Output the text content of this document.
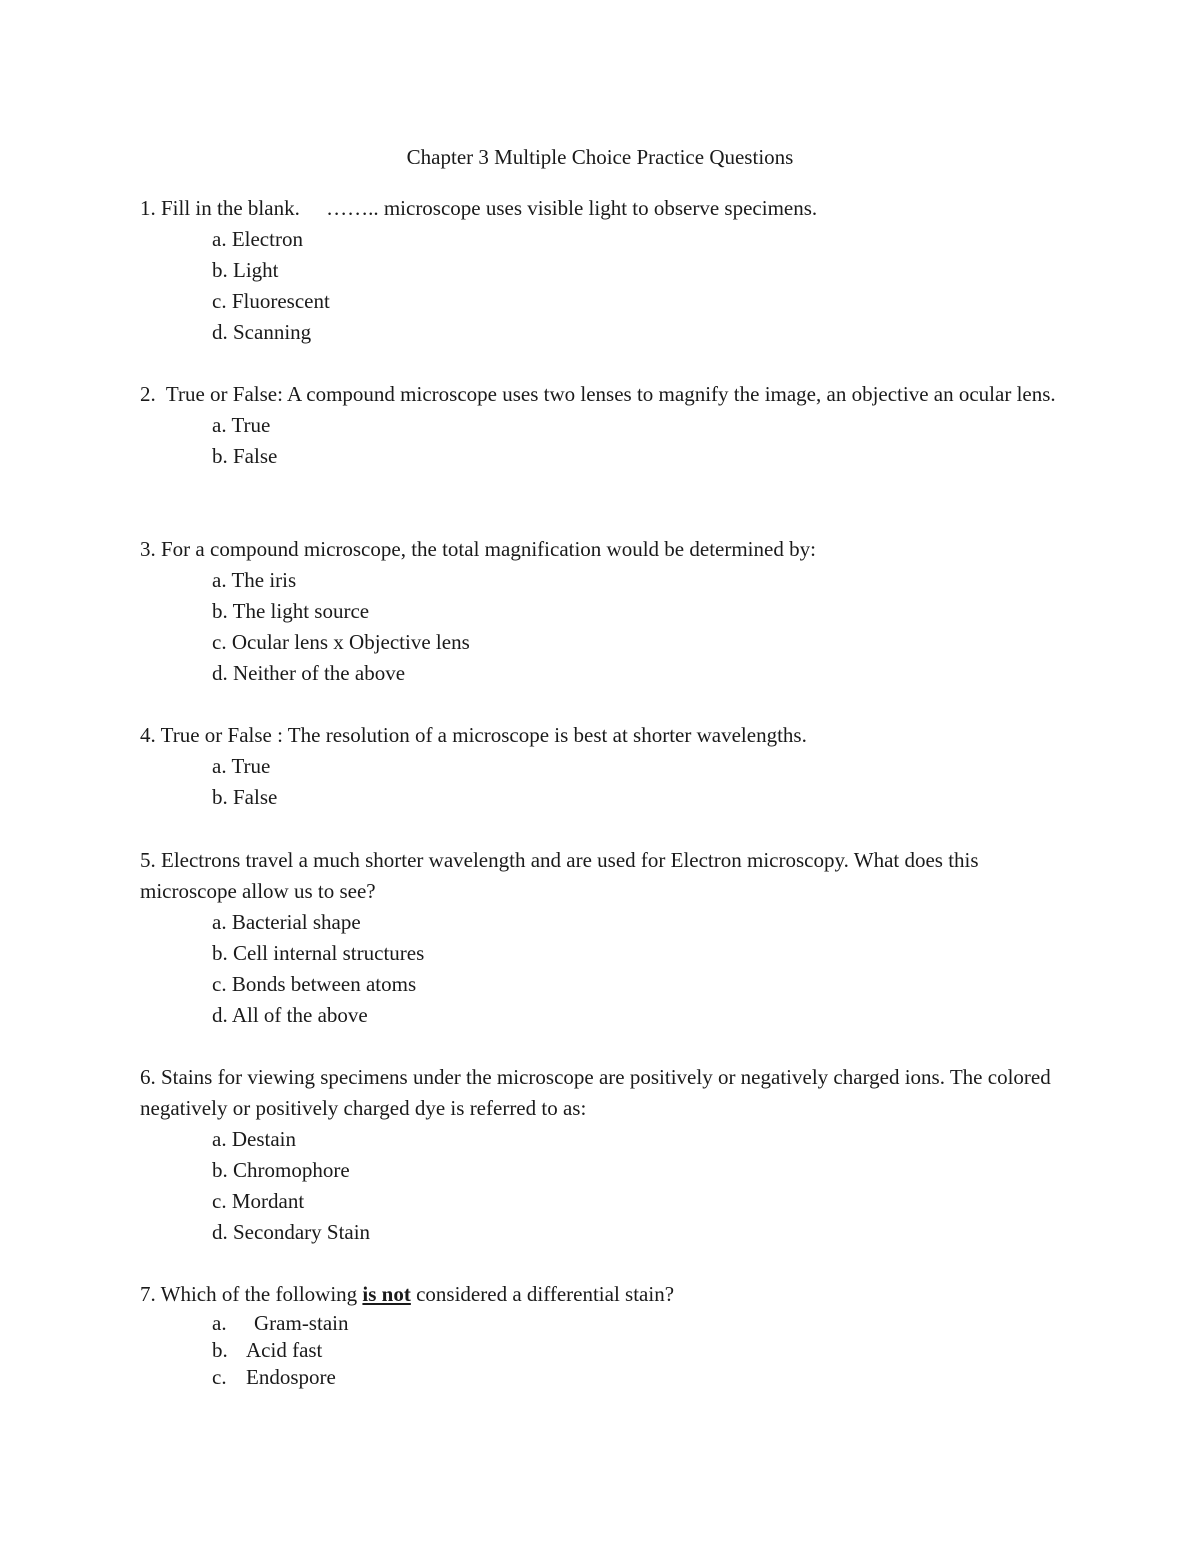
Chapter 3 Multiple Choice Practice Questions

1. Fill in the blank. …….. microscope uses visible light to observe specimens.

a. Electron
b. Light
c. Fluorescent
d. Scanning

2. True or False: A compound microscope uses two lenses to magnify the image, an objective an ocular lens.

a. True
b. False

3. For a compound microscope, the total magnification would be determined by:

a. The iris
b. The light source
c. Ocular lens x Objective lens
d. Neither of the above

4. True or False : The resolution of a microscope is best at shorter wavelengths.

a. True
b. False

5. Electrons travel a much shorter wavelength and are used for Electron microscopy. What does this microscope allow us to see?

a. Bacterial shape
b. Cell internal structures
c. Bonds between atoms
d. All of the above

6. Stains for viewing specimens under the microscope are positively or negatively charged ions. The colored negatively or positively charged dye is referred to as:

a. Destain
b. Chromophore
c. Mordant
d. Secondary Stain

7. Which of the following is not considered a differential stain?

a. Gram-stain
b. Acid fast
c. Endospore
